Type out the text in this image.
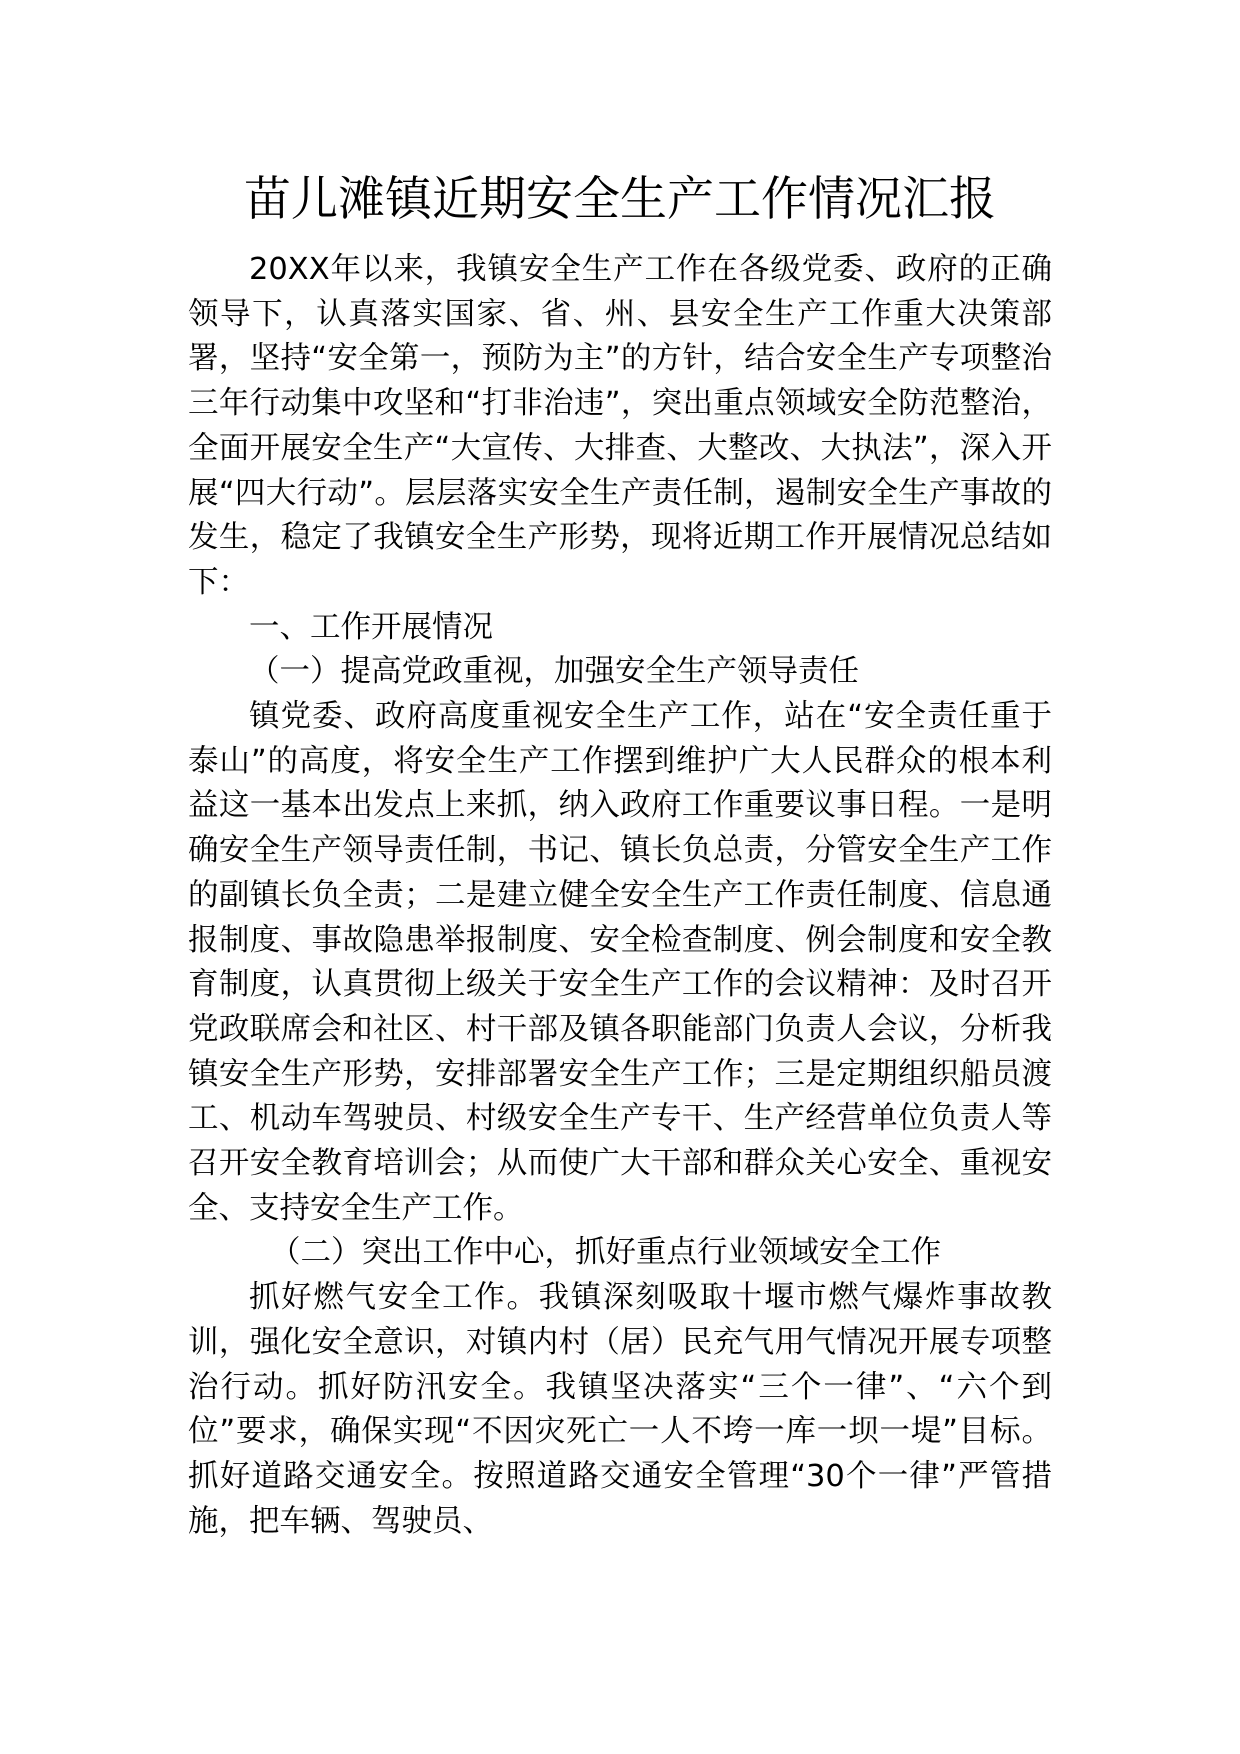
苗儿滩镇近期安全生产工作情况汇报

20XX年以来，我镇安全生产工作在各级党委、政府的正确领导下，认真落实国家、省、州、县安全生产工作重大决策部署，坚持“安全第一，预防为主”的方针，结合安全生产专项整治三年行动集中攻坚和“打非治违”，突出重点领域安全防范整治，全面开展安全生产“大宣传、大排查、大整改、大执法”，深入开展“四大行动”。层层落实安全生产责任制，遏制安全生产事故的发生，稳定了我镇安全生产形势，现将近期工作开展情况总结如下：

一、工作开展情况

（一）提高党政重视，加强安全生产领导责任

镇党委、政府高度重视安全生产工作，站在“安全责任重于泰山”的高度，将安全生产工作摆到维护广大人民群众的根本利益这一基本出发点上来抓，纳入政府工作重要议事日程。一是明确安全生产领导责任制，书记、镇长负总责，分管安全生产工作的副镇长负全责；二是建立健全安全生产工作责任制度、信息通报制度、事故隐患举报制度、安全检查制度、例会制度和安全教育制度，认真贯彻上级关于安全生产工作的会议精神：及时召开党政联席会和社区、村干部及镇各职能部门负责人会议，分析我镇安全生产形势，安排部署安全生产工作；三是定期组织船员渡工、机动车驾驶员、村级安全生产专干、生产经营单位负责人等召开安全教育培训会；从而使广大干部和群众关心安全、重视安全、支持安全生产工作。

（二）突出工作中心，抓好重点行业领域安全工作

抓好燃气安全工作。我镇深刻吸取十堰市燃气爆炸事故教训，强化安全意识，对镇内村（居）民充气用气情况开展专项整治行动。抓好防汛安全。我镇坚决落实“三个一律”、“六个到位”要求，确保实现“不因灾死亡一人不垮一库一坝一堤”目标。抓好道路交通安全。按照道路交通安全管理“30个一律”严管措施，把车辆、驾驶员、
